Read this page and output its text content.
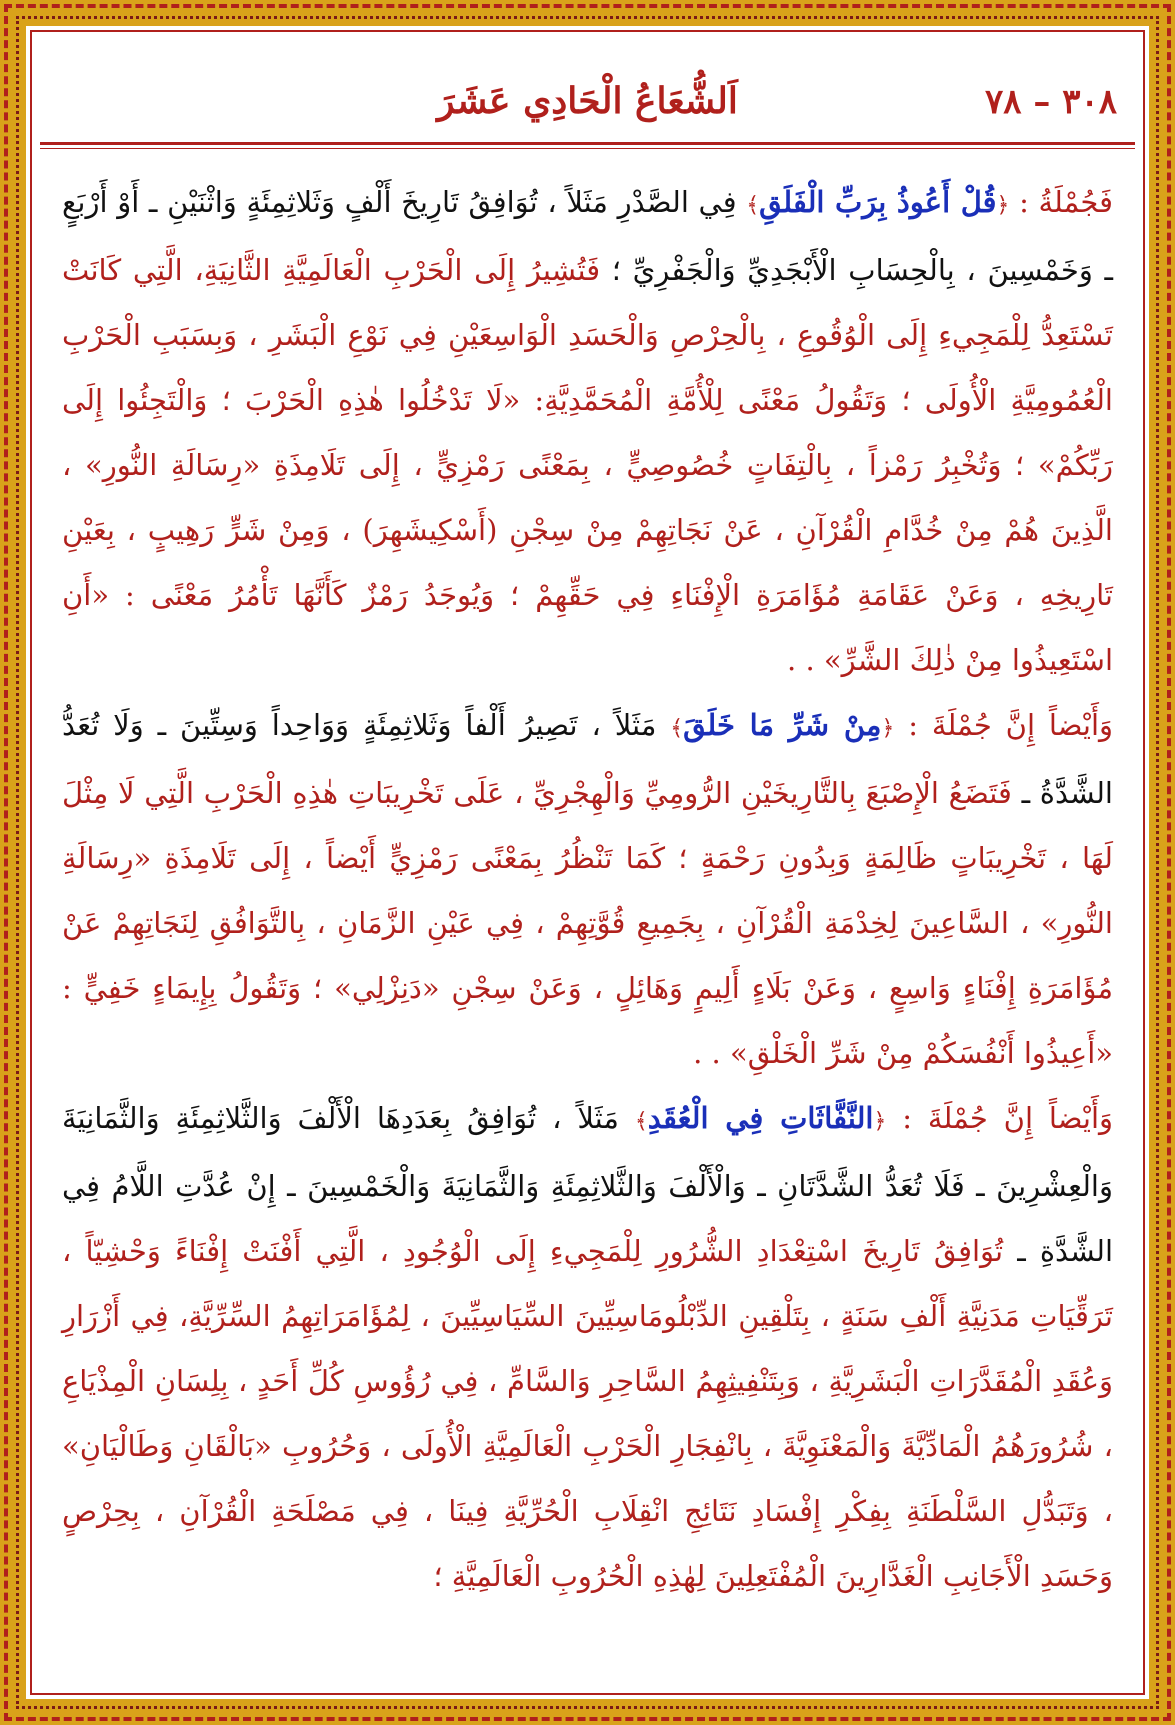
٣٠٨ – ٧٨
اَلشُّعَاعُ الْحَادِي عَشَرَ

فَجُمْلَةُ : ﴿قُلْ أَعُوذُ بِرَبِّ الْفَلَقِ﴾ فِي الصَّدْرِ مَثَلاً ، تُوَافِقُ تَارِيخَ أَلْفٍ وَثَلاثِمِئَةٍ وَاثْنَيْنِ ـ أَوْ أَرْبَعٍ ـ وَخَمْسِينَ ، بِالْحِسَابِ الْأَبْجَدِيِّ وَالْجَفْرِيِّ ؛ فَتُشِيرُ إِلَى الْحَرْبِ الْعَالَمِيَّةِ الثَّانِيَةِ، الَّتِي كَانَتْ تَسْتَعِدُّ لِلْمَجِيءِ إِلَى الْوُقُوعِ ، بِالْحِرْصِ وَالْحَسَدِ الْوَاسِعَيْنِ فِي نَوْعِ الْبَشَرِ ، وَبِسَبَبِ الْحَرْبِ الْعُمُومِيَّةِ الْأُولَى ؛ وَتَقُولُ مَعْنًى لِلْأُمَّةِ الْمُحَمَّدِيَّةِ: «لَا تَدْخُلُوا هٰذِهِ الْحَرْبَ ؛ وَالْتَجِئُوا إِلَى رَبِّكُمْ» ؛ وَتُخْبِرُ رَمْزاً ، بِالْتِفَاتٍ خُصُوصِيٍّ ، بِمَعْنًى رَمْزِيٍّ ، إِلَى تَلَامِذَةِ «رِسَالَةِ النُّورِ» ، الَّذِينَ هُمْ مِنْ خُدَّامِ الْقُرْآنِ ، عَنْ نَجَاتِهِمْ مِنْ سِجْنِ (أَسْكِيشَهِرَ) ، وَمِنْ شَرٍّ رَهِيبٍ ، بِعَيْنِ تَارِيخِهِ ، وَعَنْ عَقَامَةِ مُؤَامَرَةِ الْإِفْنَاءِ فِي حَقِّهِمْ ؛ وَيُوجَدُ رَمْزٌ كَأَنَّهَا تَأْمُرُ مَعْنًى : «أَنِ اسْتَعِيذُوا مِنْ ذٰلِكَ الشَّرِّ» . .

وَأَيْضاً إِنَّ جُمْلَةَ : ﴿مِنْ شَرِّ مَا خَلَقَ﴾ مَثَلاً ، تَصِيرُ أَلْفاً وَثَلاثِمِئَةٍ وَوَاحِداً وَسِتِّينَ ـ وَلَا تُعَدُّ الشَّدَّةُ ـ فَتَضَعُ الْإِصْبَعَ بِالتَّارِيخَيْنِ الرُّومِيِّ وَالْهِجْرِيِّ ، عَلَى تَخْرِيبَاتِ هٰذِهِ الْحَرْبِ الَّتِي لَا مِثْلَ لَهَا ، تَخْرِيبَاتٍ ظَالِمَةٍ وَبِدُونِ رَحْمَةٍ ؛ كَمَا تَنْظُرُ بِمَعْنًى رَمْزِيٍّ أَيْضاً ، إِلَى تَلَامِذَةِ «رِسَالَةِ النُّورِ» ، السَّاعِينَ لِخِدْمَةِ الْقُرْآنِ ، بِجَمِيعِ قُوَّتِهِمْ ، فِي عَيْنِ الزَّمَانِ ، بِالتَّوَافُقِ لِنَجَاتِهِمْ عَنْ مُؤَامَرَةِ إِفْنَاءٍ وَاسِعٍ ، وَعَنْ بَلَاءٍ أَلِيمٍ وَهَائِلٍ ، وَعَنْ سِجْنِ «دَنِزْلِي» ؛ وَتَقُولُ بِإِيمَاءٍ خَفِيٍّ : «أَعِيذُوا أَنْفُسَكُمْ مِنْ شَرِّ الْخَلْقِ» . .

وَأَيْضاً إِنَّ جُمْلَةَ : ﴿النَّفَّاثَاتِ فِي الْعُقَدِ﴾ مَثَلاً ، تُوَافِقُ بِعَدَدِهَا الْأَلْفَ وَالثَّلاثِمِئَةِ وَالثَّمَانِيَةَ وَالْعِشْرِينَ ـ فَلَا تُعَدُّ الشَّدَّتَانِ ـ وَالْأَلْفَ وَالثَّلاثِمِئَةِ وَالثَّمَانِيَةَ وَالْخَمْسِينَ ـ إِنْ عُدَّتِ اللَّامُ فِي الشَّدَّةِ ـ تُوَافِقُ تَارِيخَ اسْتِعْدَادِ الشُّرُورِ لِلْمَجِيءِ إِلَى الْوُجُودِ ، الَّتِي أَفْنَتْ إِفْنَاءً وَحْشِيّاً ، تَرَقِّيَاتِ مَدَنِيَّةِ أَلْفِ سَنَةٍ ، بِتَلْقِينِ الدِّبْلُومَاسِيِّينَ السِّيَاسِيِّينَ ، لِمُؤَامَرَاتِهِمُ السِّرِّيَّةِ، فِي أَزْرَارِ وَعُقَدِ الْمُقَدَّرَاتِ الْبَشَرِيَّةِ ، وَبِتَنْفِيثِهِمُ السَّاحِرِ وَالسَّامِّ ، فِي رُؤُوسِ كُلِّ أَحَدٍ ، بِلِسَانِ الْمِذْيَاعِ ، شُرُورَهُمُ الْمَادِّيَّةَ وَالْمَعْنَوِيَّةَ ، بِانْفِجَارِ الْحَرْبِ الْعَالَمِيَّةِ الْأُولَى ، وَحُرُوبِ «بَالْقَانِ وَطَالْيَانِ» ، وَتَبَدُّلِ السَّلْطَنَةِ بِفِكْرِ إِفْسَادِ نَتَائِجِ انْقِلَابِ الْحُرِّيَّةِ فِينَا ، فِي مَصْلَحَةِ الْقُرْآنِ ، بِحِرْصٍ وَحَسَدِ الْأَجَانِبِ الْغَدَّارِينَ الْمُفْتَعِلِينَ لِهٰذِهِ الْحُرُوبِ الْعَالَمِيَّةِ ؛
